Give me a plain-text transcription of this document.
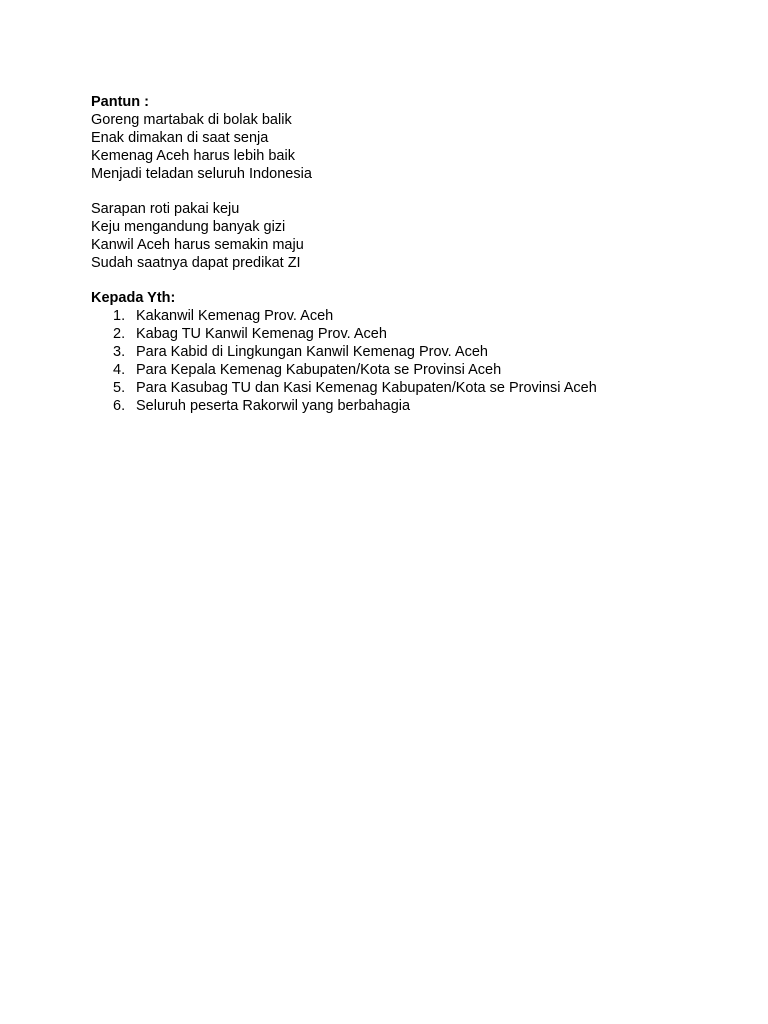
Pantun :

Goreng martabak di bolak balik
Enak dimakan di saat senja
Kemenag Aceh harus lebih baik
Menjadi teladan seluruh Indonesia
Sarapan roti pakai keju
Keju mengandung banyak gizi
Kanwil Aceh harus semakin maju
Sudah saatnya dapat predikat ZI

Kepada Yth:

1. Kakanwil Kemenag Prov. Aceh
2. Kabag TU Kanwil Kemenag Prov. Aceh
3. Para Kabid di Lingkungan Kanwil Kemenag Prov. Aceh
4. Para Kepala Kemenag Kabupaten/Kota se Provinsi Aceh
5. Para Kasubag TU dan Kasi Kemenag Kabupaten/Kota se Provinsi Aceh
6. Seluruh peserta Rakorwil yang berbahagia
